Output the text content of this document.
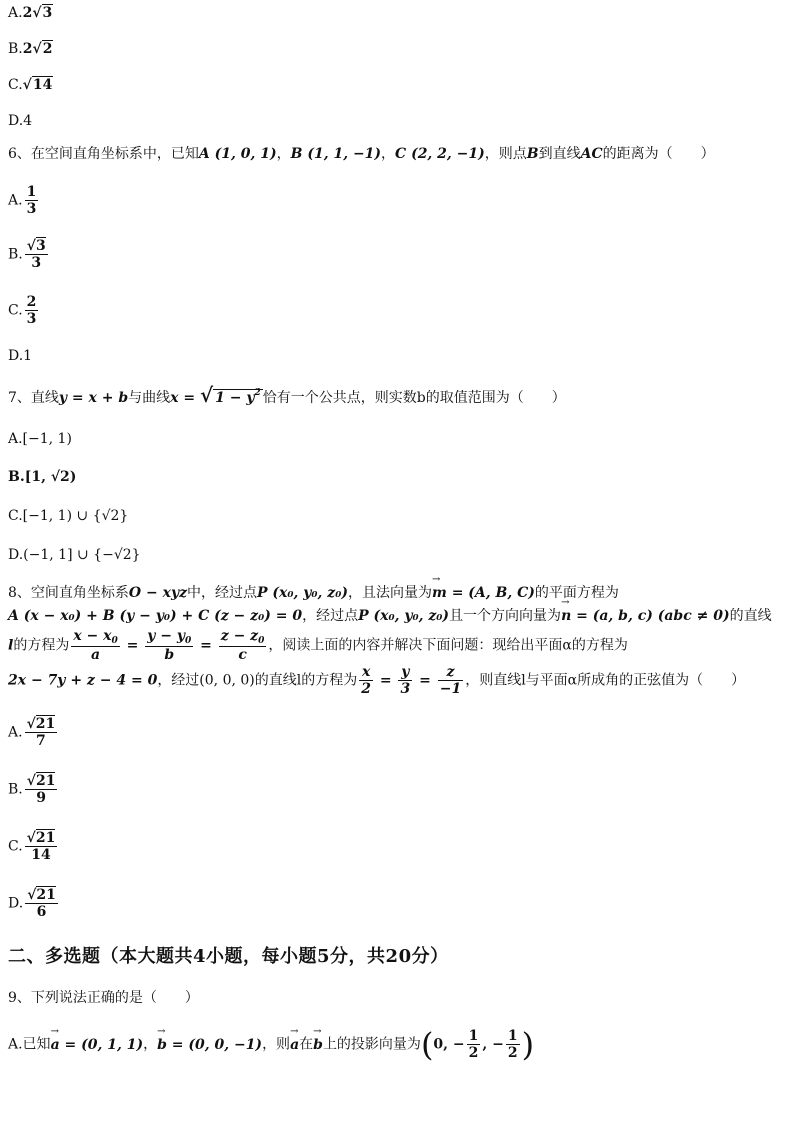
A.2√3
B.2√2
C.√14
D.4
6、在空间直角坐标系中，已知A (1, 0, 1)，B (1, 1, −1)，C (2, 2, −1)，则点B到直线AC的距离为（　　）
A. $\frac{1}{3}$
B. $\frac{√3}{3}$
C. $\frac{2}{3}$
D.1
7、直线y = x + b与曲线x = √ $1 - y^2$ 恰有一个公共点，则实数b的取值范围为（　　）
A.[−1, 1)
B.[1, √2)
C.[−1, 1) ∪ {√2}
D.(−1, 1] ∪ {−√2}
8、空间直角坐标系O − xyz中，经过点P (x₀, y₀, z₀)，且法向量为→ m = (A, B, C)的平面方程为
A (x − x₀) + B (y − y₀) + C (z − z₀) = 0，经过点P (x₀, y₀, z₀)且一个方向向量为→ n = (a, b, c) (abc ≠ 0)的直线
l的方程为 $\frac{x - x_0}{a} = \frac{y - y_0}{b} = \frac{z - z_0}{c}$ ，阅读上面的内容并解决下面问题：现给出平面α的方程为
2x − 7y + z − 4 = 0，经过(0, 0, 0)的直线l的方程为 $\frac{x}{2} = \frac{y}{3} = \frac{z}{-1}$ ，则直线l与平面α所成角的正弦值为（　　）
A. $\frac{√21}{7}$
B. $\frac{√21}{9}$
C. $\frac{√21}{14}$
D. $\frac{√21}{6}$
二、多选题（本大题共4小题，每小题5分，共20分）
9、下列说法正确的是（　　）
A.已知→ a = (0, 1, 1)，→ b = (0, 0, −1)，则→ a在→ b上的投影向量为(0, − $\frac{1}{2}$ , − $\frac{1}{2}$ )
